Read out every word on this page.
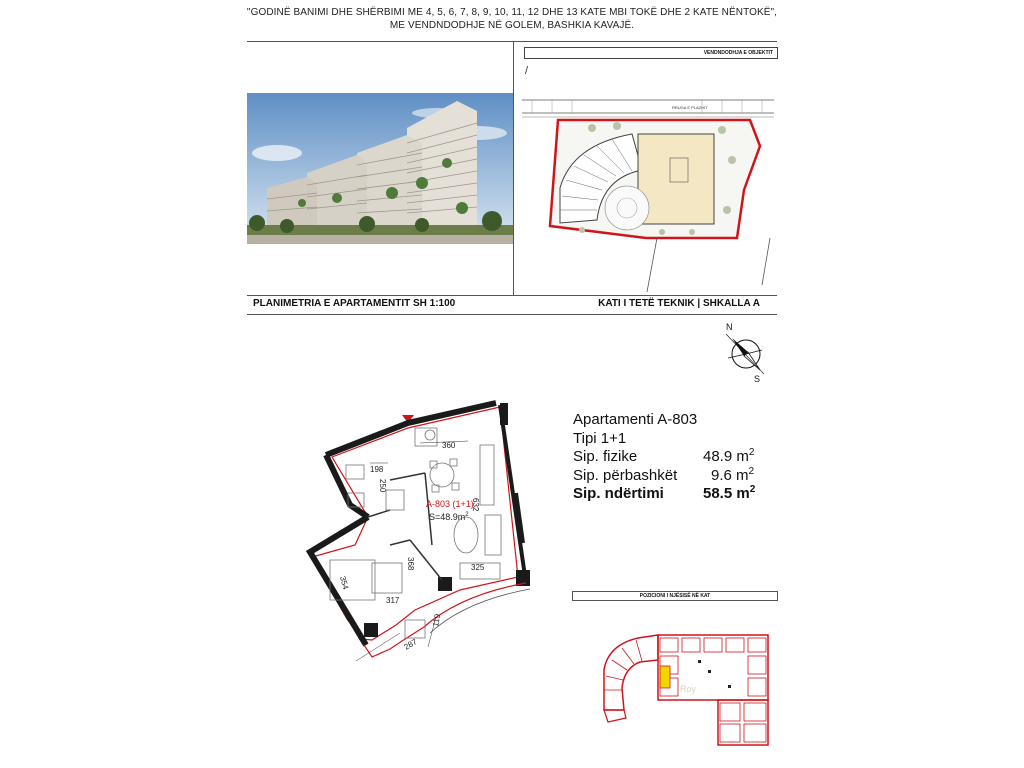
"GODINË BANIMI DHE SHËRBIMI ME 4, 5, 6, 7, 8, 9, 10, 11, 12 DHE 13 KATE MBI TOKË DHE 2 KATE NËNTOKË",
ME VENDNDODHJE NË GOLEM, BASHKIA KAVAJË.
VENDNDODHJA E OBJEKTIT
/
RRUGA E PLAZHIT
PLANIMETRIA E APARTAMENTIT SH 1:100	KATI I TETË TEKNIK | SHKALLA A
N
S
360
198
250
632
368
354
325
317
287
119
A-803 (1+1)
$S=48.9m^2$
Apartamenti A-803
Tipi 1+1
Sip. fizike	48.9 $m^2$
Sip. përbashkët 9.6 $m^2$
Sip. ndërtimi	58.5 $m^2$
POZICIONI I NJËSISË NË KAT
Roy
